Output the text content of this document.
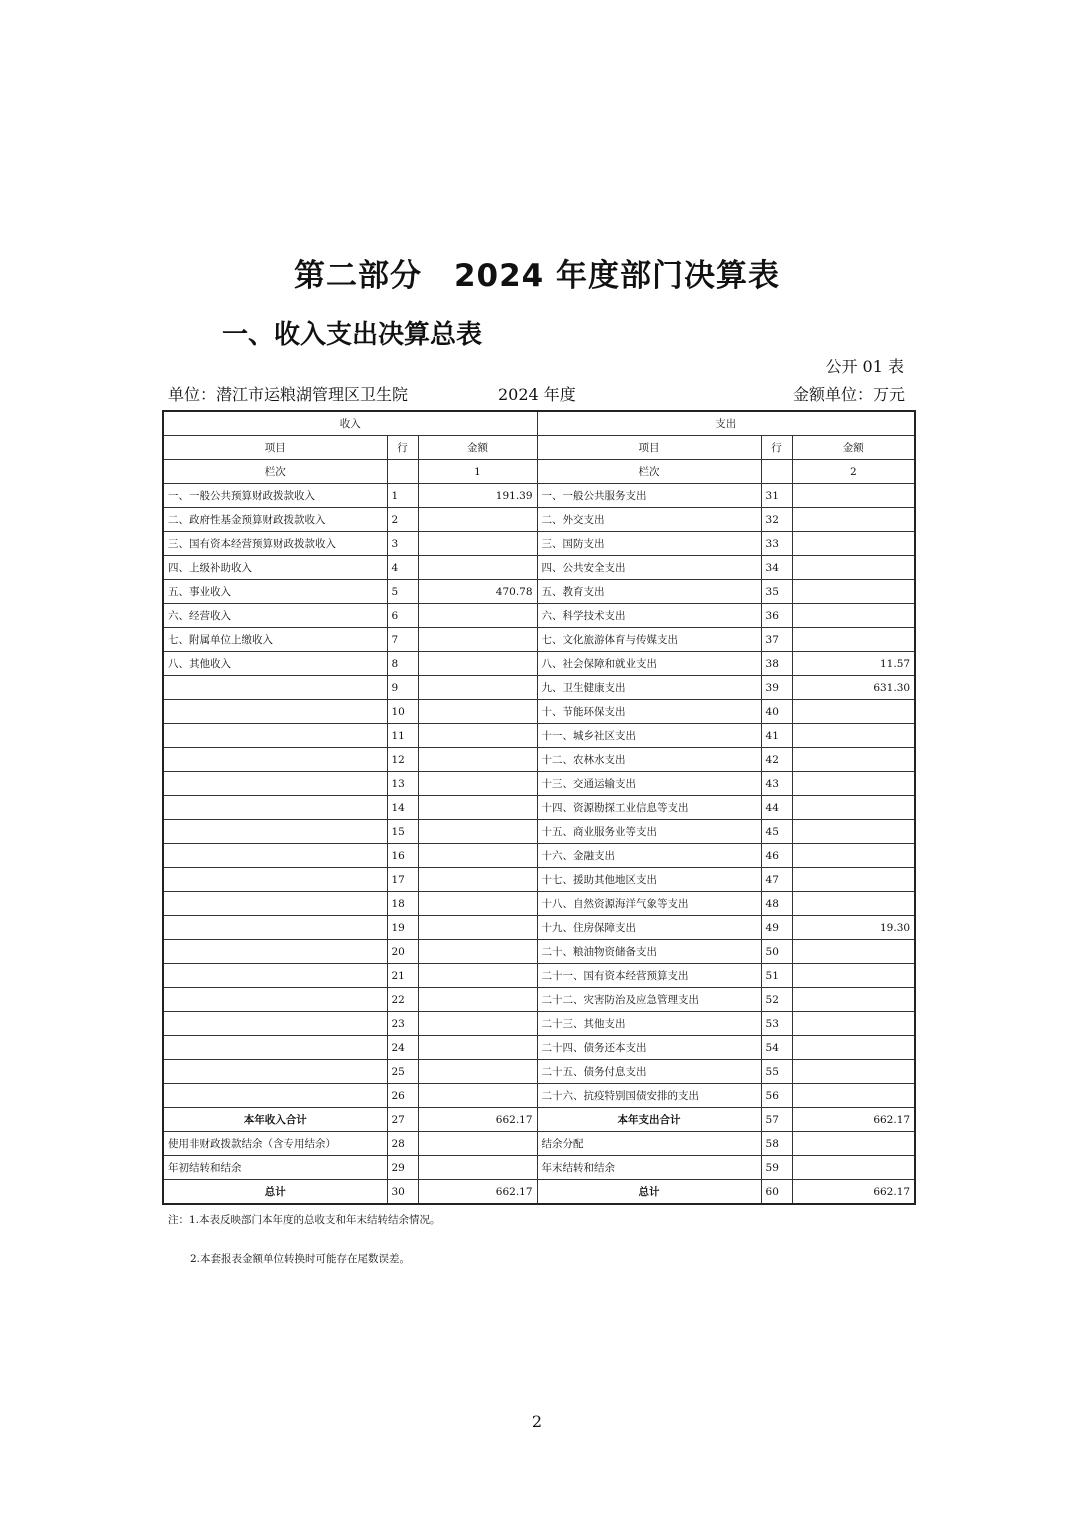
第二部分　2024 年度部门决算表
一、收入支出决算总表
公开 01 表
单位：潜江市运粮湖管理区卫生院	2024 年度	金额单位：万元
收入			支出		
项目	行	金额	项目	行	金额
栏次		1	栏次		2
一、一般公共预算财政拨款收入	1	191.39	一、一般公共服务支出	31	
二、政府性基金预算财政拨款收入	2		二、外交支出	32	
三、国有资本经营预算财政拨款收入	3		三、国防支出	33	
四、上级补助收入	4		四、公共安全支出	34	
五、事业收入	5	470.78	五、教育支出	35	
六、经营收入	6		六、科学技术支出	36	
七、附属单位上缴收入	7		七、文化旅游体育与传媒支出	37	
八、其他收入	8		八、社会保障和就业支出	38	11.57
	9		九、卫生健康支出	39	631.30
	10		十、节能环保支出	40	
	11		十一、城乡社区支出	41	
	12		十二、农林水支出	42	
	13		十三、交通运输支出	43	
	14		十四、资源勘探工业信息等支出	44	
	15		十五、商业服务业等支出	45	
	16		十六、金融支出	46	
	17		十七、援助其他地区支出	47	
	18		十八、自然资源海洋气象等支出	48	
	19		十九、住房保障支出	49	19.30
	20		二十、粮油物资储备支出	50	
	21		二十一、国有资本经营预算支出	51	
	22		二十二、灾害防治及应急管理支出	52	
	23		二十三、其他支出	53	
	24		二十四、债务还本支出	54	
	25		二十五、债务付息支出	55	
	26		二十六、抗疫特别国债安排的支出	56	
本年收入合计	27	662.17	本年支出合计	57	662.17
使用非财政拨款结余（含专用结余）	28		结余分配	58	
年初结转和结余	29		年末结转和结余	59	
总计	30	662.17	总计	60	662.17
注：1.本表反映部门本年度的总收支和年末结转结余情况。
2.本套报表金额单位转换时可能存在尾数误差。
2
